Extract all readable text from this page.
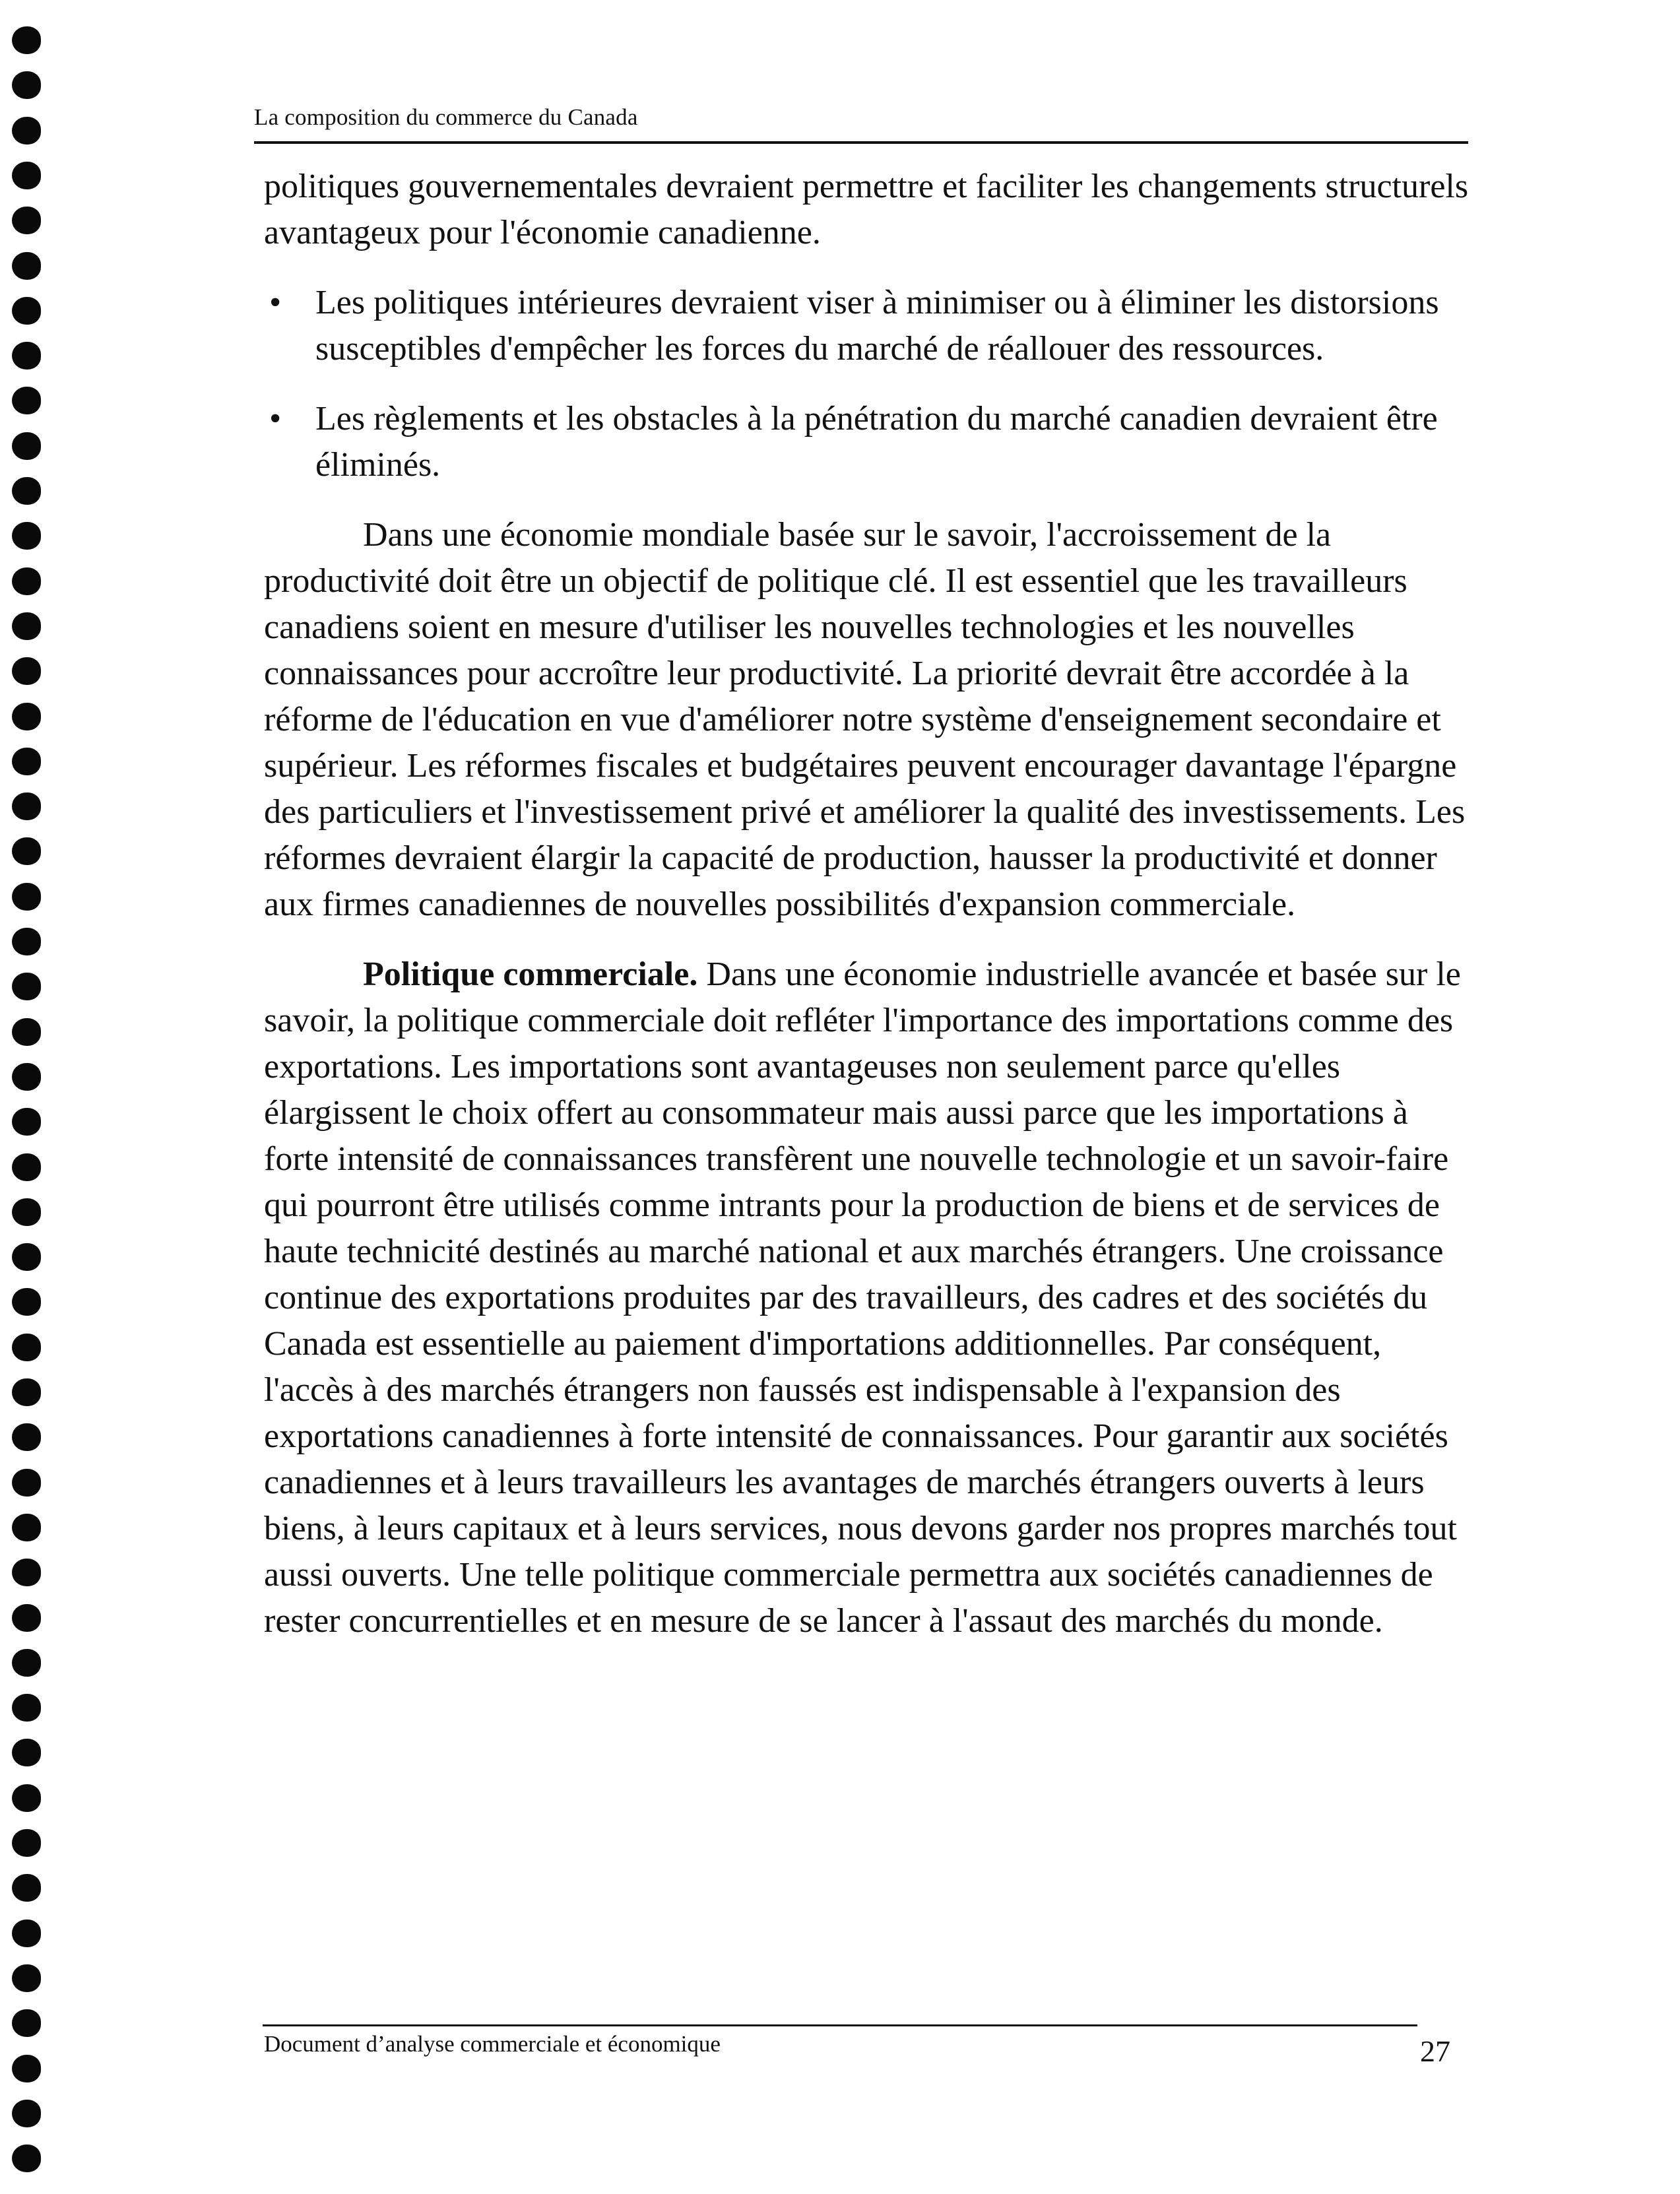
La composition du commerce du Canada

politiques gouvernementales devraient permettre et faciliter les changements structurels avantageux pour l'économie canadienne.

• Les politiques intérieures devraient viser à minimiser ou à éliminer les distorsions susceptibles d'empêcher les forces du marché de réallouer des ressources.
• Les règlements et les obstacles à la pénétration du marché canadien devraient être éliminés.

Dans une économie mondiale basée sur le savoir, l'accroissement de la productivité doit être un objectif de politique clé. Il est essentiel que les travailleurs canadiens soient en mesure d'utiliser les nouvelles technologies et les nouvelles connaissances pour accroître leur productivité. La priorité devrait être accordée à la réforme de l'éducation en vue d'améliorer notre système d'enseignement secondaire et supérieur. Les réformes fiscales et budgétaires peuvent encourager davantage l'épargne des particuliers et l'investissement privé et améliorer la qualité des investissements. Les réformes devraient élargir la capacité de production, hausser la productivité et donner aux firmes canadiennes de nouvelles possibilités d'expansion commerciale.

Politique commerciale. Dans une économie industrielle avancée et basée sur le savoir, la politique commerciale doit refléter l'importance des importations comme des exportations. Les importations sont avantageuses non seulement parce qu'elles élargissent le choix offert au consommateur mais aussi parce que les importations à forte intensité de connaissances transfèrent une nouvelle technologie et un savoir-faire qui pourront être utilisés comme intrants pour la production de biens et de services de haute technicité destinés au marché national et aux marchés étrangers. Une croissance continue des exportations produites par des travailleurs, des cadres et des sociétés du Canada est essentielle au paiement d'importations additionnelles. Par conséquent, l'accès à des marchés étrangers non faussés est indispensable à l'expansion des exportations canadiennes à forte intensité de connaissances. Pour garantir aux sociétés canadiennes et à leurs travailleurs les avantages de marchés étrangers ouverts à leurs biens, à leurs capitaux et à leurs services, nous devons garder nos propres marchés tout aussi ouverts. Une telle politique commerciale permettra aux sociétés canadiennes de rester concurrentielles et en mesure de se lancer à l'assaut des marchés du monde.

Document d’analyse commerciale et économique	27
